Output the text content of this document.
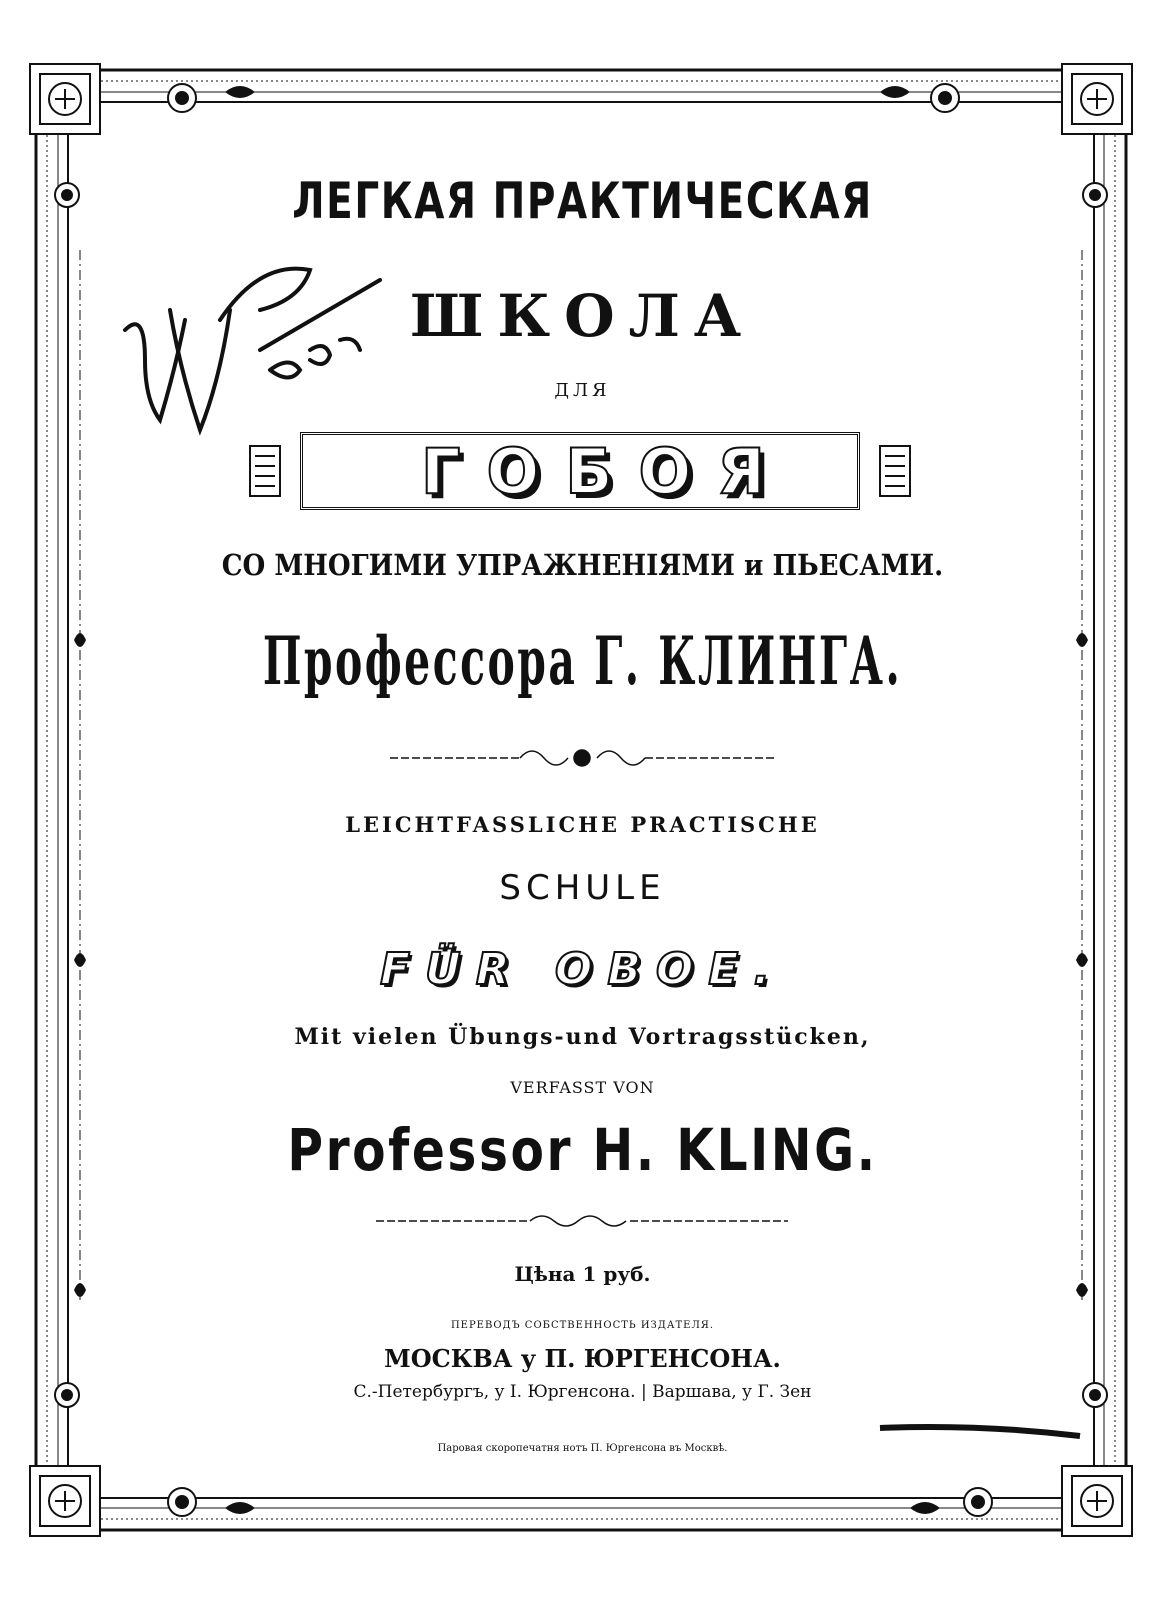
ЛЕГКАЯ ПРАКТИЧЕСКАЯ
ШКОЛА
ДЛЯ
ГОБОЯ
СО МНОГИМИ УПРАЖНЕНІЯМИ и ПЬЕСАМИ.
Профессора Г. КЛИНГА.
LEICHTFASSLICHE PRACTISCHE
SCHULE
FÜR OBOE.
Mit vielen Übungs-und Vortragsstücken,
VERFASST VON
Professor H. KLING.
Цѣна 1 руб.
ПЕРЕВОДЪ СОБСТВЕННОСТЬ ИЗДАТЕЛЯ.
МОСКВА у П. ЮРГЕНСОНА.
С.-Петербургъ, у І. Юргенсона. | Варшава, у Г. Зен
Паровая скоропечатня нотъ П. Юргенсона въ Москвѣ.
